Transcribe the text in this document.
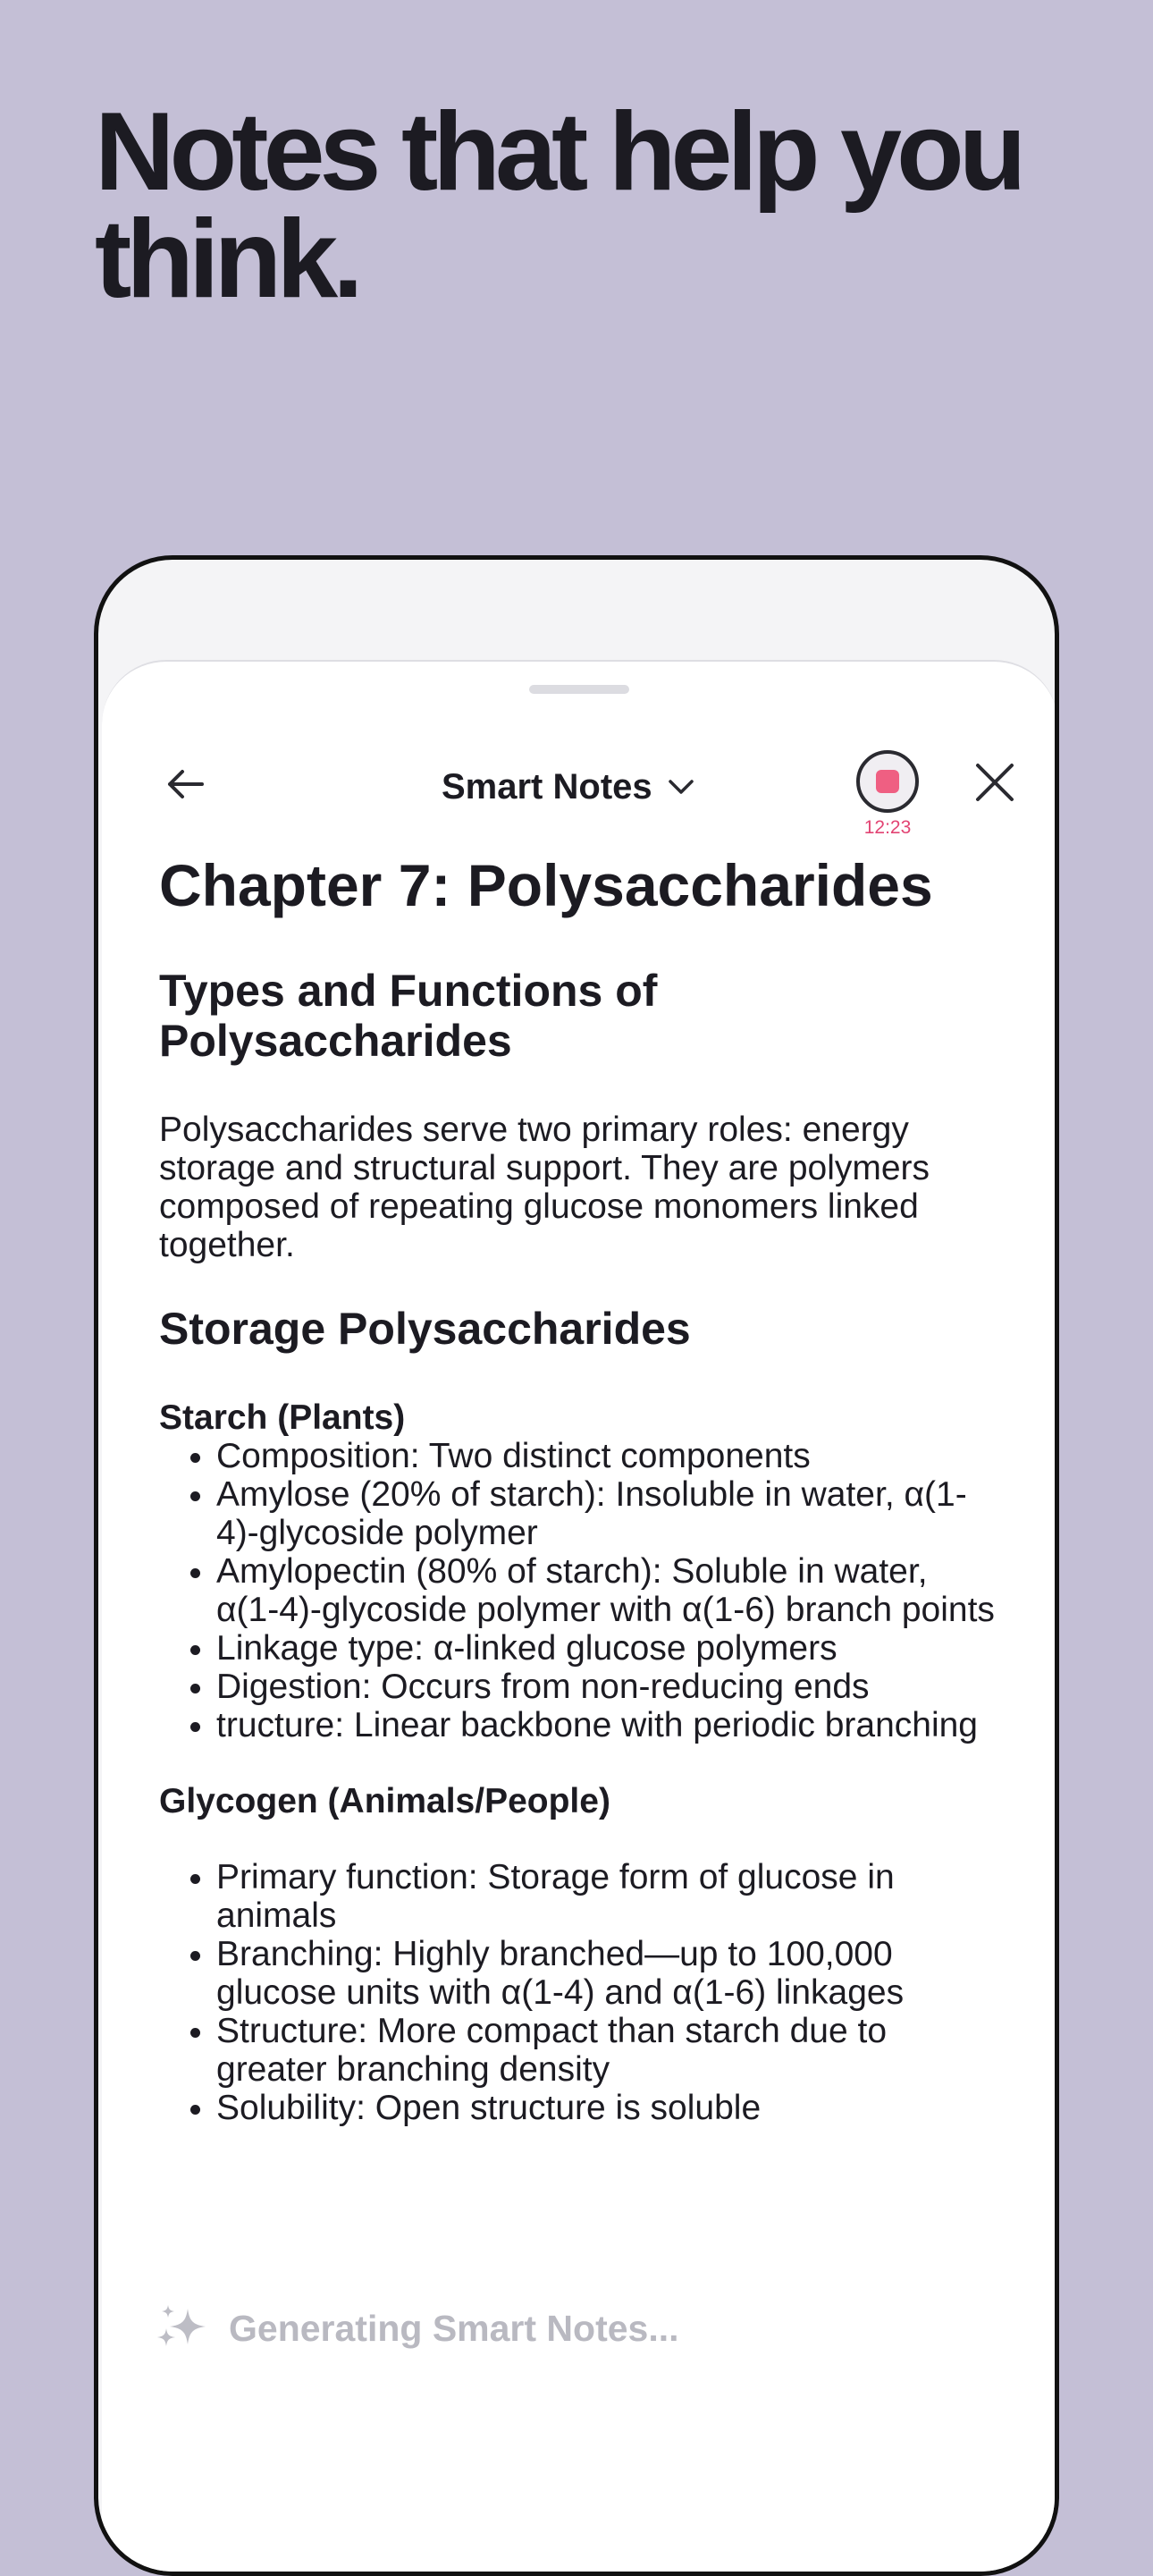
Notes that help you think.
Smart Notes
12:23
Chapter 7: Polysaccharides
Types and Functions of Polysaccharides

Polysaccharides serve two primary roles: energy storage and structural support. They are polymers composed of repeating glucose monomers linked together.

Storage Polysaccharides
Starch (Plants)
• Composition: Two distinct components
• Amylose (20% of starch): Insoluble in water, α(1-4)-glycoside polymer
• Amylopectin (80% of starch): Soluble in water, α(1-4)-glycoside polymer with α(1-6) branch points
• Linkage type: α-linked glucose polymers
• Digestion: Occurs from non-reducing ends
• tructure: Linear backbone with periodic branching
Glycogen (Animals/People)
• Primary function: Storage form of glucose in animals
• Branching: Highly branched—up to 100,000 glucose units with α(1-4) and α(1-6) linkages
• Structure: More compact than starch due to greater branching density
• Solubility: Open structure is soluble
Generating Smart Notes...
